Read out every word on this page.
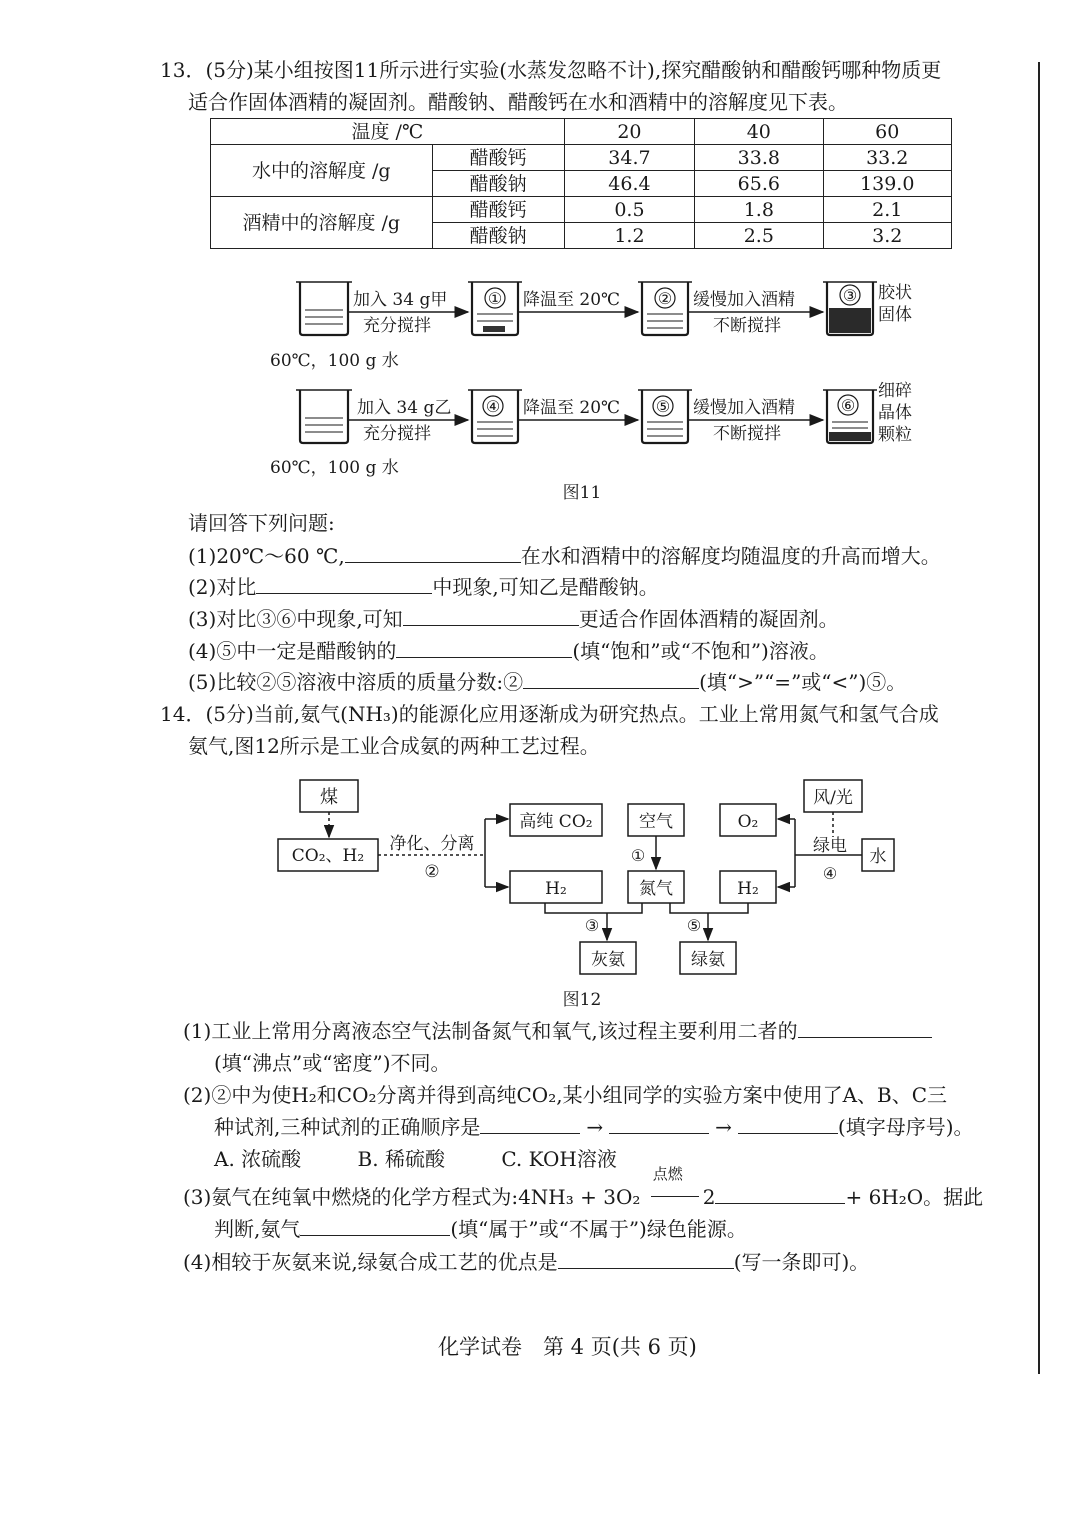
13．(5分)某小组按图11所示进行实验(水蒸发忽略不计),探究醋酸钠和醋酸钙哪种物质更
适合作固体酒精的凝固剂。醋酸钠、醋酸钙在水和酒精中的溶解度见下表。
温度 /℃		20	40	60
水中的溶解度 /g	醋酸钙	34.7	33.8	33.2
	醋酸钠	46.4	65.6	139.0
酒精中的溶解度 /g	醋酸钙	0.5	1.8	2.1
	醋酸钠	1.2	2.5	3.2
加入 34 g甲
充分搅拌
① 降温至 20℃ ② 缓慢加入酒精
不断搅拌
③ 胶状
固体
60℃，100 g 水
加入 34 g乙
充分搅拌
④ 降温至 20℃ ⑤ 缓慢加入酒精
不断搅拌
⑥
细碎
晶体
颗粒
60℃，100 g 水
图11
请回答下列问题:
(1)20℃～60 ℃,	在水和酒精中的溶解度均随温度的升高而增大。
(2)对比	中现象,可知乙是醋酸钠。
(3)对比③⑥中现象,可知	更适合作固体酒精的凝固剂。
(4)⑤中一定是醋酸钠的	(填“饱和”或“不饱和”)溶液。
(5)比较②⑤溶液中溶质的质量分数:②	(填“>”“=”或“<”)⑤。
14．(5分)当前,氨气(NH₃)的能源化应用逐渐成为研究热点。工业上常用氮气和氢气合成
氨气,图12所示是工业合成氨的两种工艺过程。
煤
CO₂、H₂
净化、分离
②
高纯 CO₂
H₂
空气
①
氮气
O₂
H₂
风/光
绿电
④
水
③
灰氨
⑤
绿氨
图12
(1)工业上常用分离液态空气法制备氮气和氧气,该过程主要利用二者的
(填“沸点”或“密度”)不同。
(2)②中为使H₂和CO₂分离并得到高纯CO₂,某小组同学的实验方案中使用了A、B、C三
种试剂,三种试剂的正确顺序是	→	→	(填字母序号)。
A. 浓硫酸	B. 稀硫酸	C. KOH溶液
(3)氨气在纯氧中燃烧的化学方程式为:4NH₃ + 3O₂
点燃
2	+ 6H₂O。据此
判断,氨气	(填“属于”或“不属于”)绿色能源。
(4)相较于灰氨来说,绿氨合成工艺的优点是	(写一条即可)。
化学试卷　第 4 页(共 6 页)
